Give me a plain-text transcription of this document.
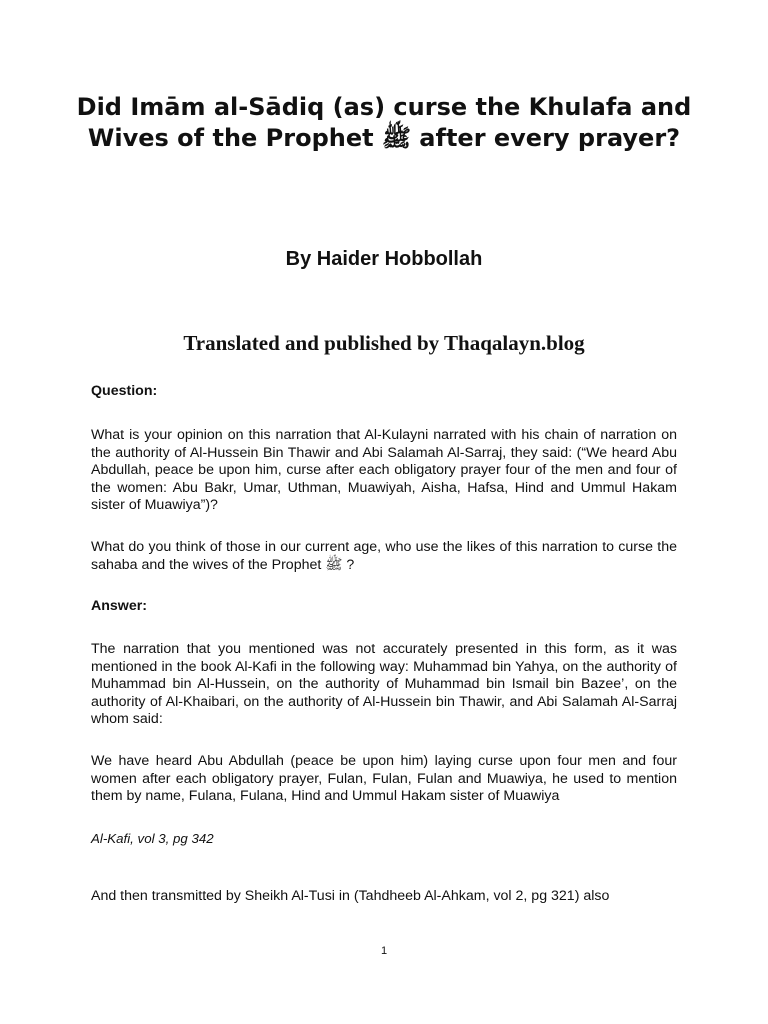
Did Imām al-Sādiq (as) curse the Khulafa and Wives of the Prophet ﷺ after every prayer?
By Haider Hobbollah
Translated and published by Thaqalayn.blog

Question:

What is your opinion on this narration that Al-Kulayni narrated with his chain of narration on the authority of Al-Hussein Bin Thawir and Abi Salamah Al-Sarraj, they said: (“We heard Abu Abdullah, peace be upon him, curse after each obligatory prayer four of the men and four of the women: Abu Bakr, Umar, Uthman, Muawiyah, Aisha, Hafsa, Hind and Ummul Hakam sister of Muawiya”)?

What do you think of those in our current age, who use the likes of this narration to curse the sahaba and the wives of the Prophet ﷺ ?

Answer:

The narration that you mentioned was not accurately presented in this form, as it was mentioned in the book Al-Kafi in the following way: Muhammad bin Yahya, on the authority of Muhammad bin Al-Hussein, on the authority of Muhammad bin Ismail bin Bazee’, on the authority of Al-Khaibari, on the authority of Al-Hussein bin Thawir, and Abi Salamah Al-Sarraj whom said:

We have heard Abu Abdullah (peace be upon him) laying curse upon four men and four women after each obligatory prayer, Fulan, Fulan, Fulan and Muawiya, he used to mention them by name, Fulana, Fulana, Hind and Ummul Hakam sister of Muawiya

Al-Kafi, vol 3, pg 342

And then transmitted by Sheikh Al-Tusi in (Tahdheeb Al-Ahkam, vol 2, pg 321) also

1
